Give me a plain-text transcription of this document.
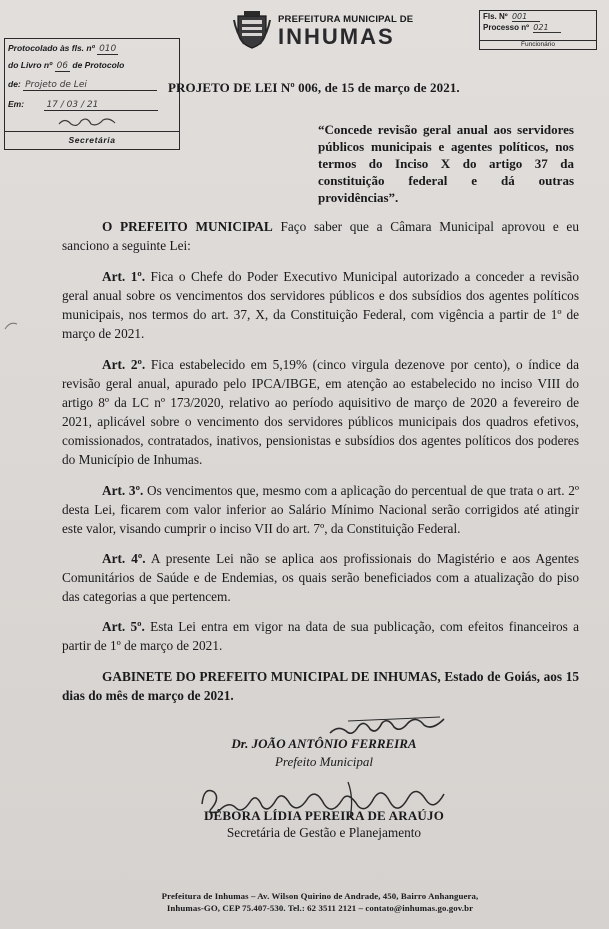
PREFEITURA MUNICIPAL DE
INHUMAS
Fls. Nº 001
Processo nº 021
Funcionário
Protocolado às fls. nº 010
do Livro nº 06 de Protocolo
de: Projeto de Lei
Em: 17 / 03 / 21
Secretária
PROJETO DE LEI Nº 006, de 15 de março de 2021.
“Concede revisão geral anual aos servidores públicos municipais e agentes políticos, nos termos do Inciso X do artigo 37 da constituição federal e dá outras providências”.
O PREFEITO MUNICIPAL Faço saber que a Câmara Municipal aprovou e eu sanciono a seguinte Lei:
Art. 1º. Fica o Chefe do Poder Executivo Municipal autorizado a conceder a revisão geral anual sobre os vencimentos dos servidores públicos e dos subsídios dos agentes políticos municipais, nos termos do art. 37, X, da Constituição Federal, com vigência a partir de 1º de março de 2021.
Art. 2º. Fica estabelecido em 5,19% (cinco virgula dezenove por cento), o índice da revisão geral anual, apurado pelo IPCA/IBGE, em atenção ao estabelecido no inciso VIII do artigo 8º da LC nº 173/2020, relativo ao período aquisitivo de março de 2020 a fevereiro de 2021, aplicável sobre o vencimento dos servidores públicos municipais dos quadros efetivos, comissionados, contratados, inativos, pensionistas e subsídios dos agentes políticos dos poderes do Município de Inhumas.
Art. 3º. Os vencimentos que, mesmo com a aplicação do percentual de que trata o art. 2º desta Lei, ficarem com valor inferior ao Salário Mínimo Nacional serão corrigidos até atingir este valor, visando cumprir o inciso VII do art. 7º, da Constituição Federal.
Art. 4º. A presente Lei não se aplica aos profissionais do Magistério e aos Agentes Comunitários de Saúde e de Endemias, os quais serão beneficiados com a atualização do piso das categorias a que pertencem.
Art. 5º. Esta Lei entra em vigor na data de sua publicação, com efeitos financeiros a partir de 1º de março de 2021.
GABINETE DO PREFEITO MUNICIPAL DE INHUMAS, Estado de Goiás, aos 15 dias do mês de março de 2021.
Dr. JOÃO ANTÔNIO FERREIRA
Prefeito Municipal
DÉBORA LÍDIA PEREIRA DE ARAÚJO
Secretária de Gestão e Planejamento
Prefeitura de Inhumas – Av. Wilson Quirino de Andrade, 450, Bairro Anhanguera,
Inhumas-GO, CEP 75.407-530. Tel.: 62 3511 2121 – contato@inhumas.go.gov.br
